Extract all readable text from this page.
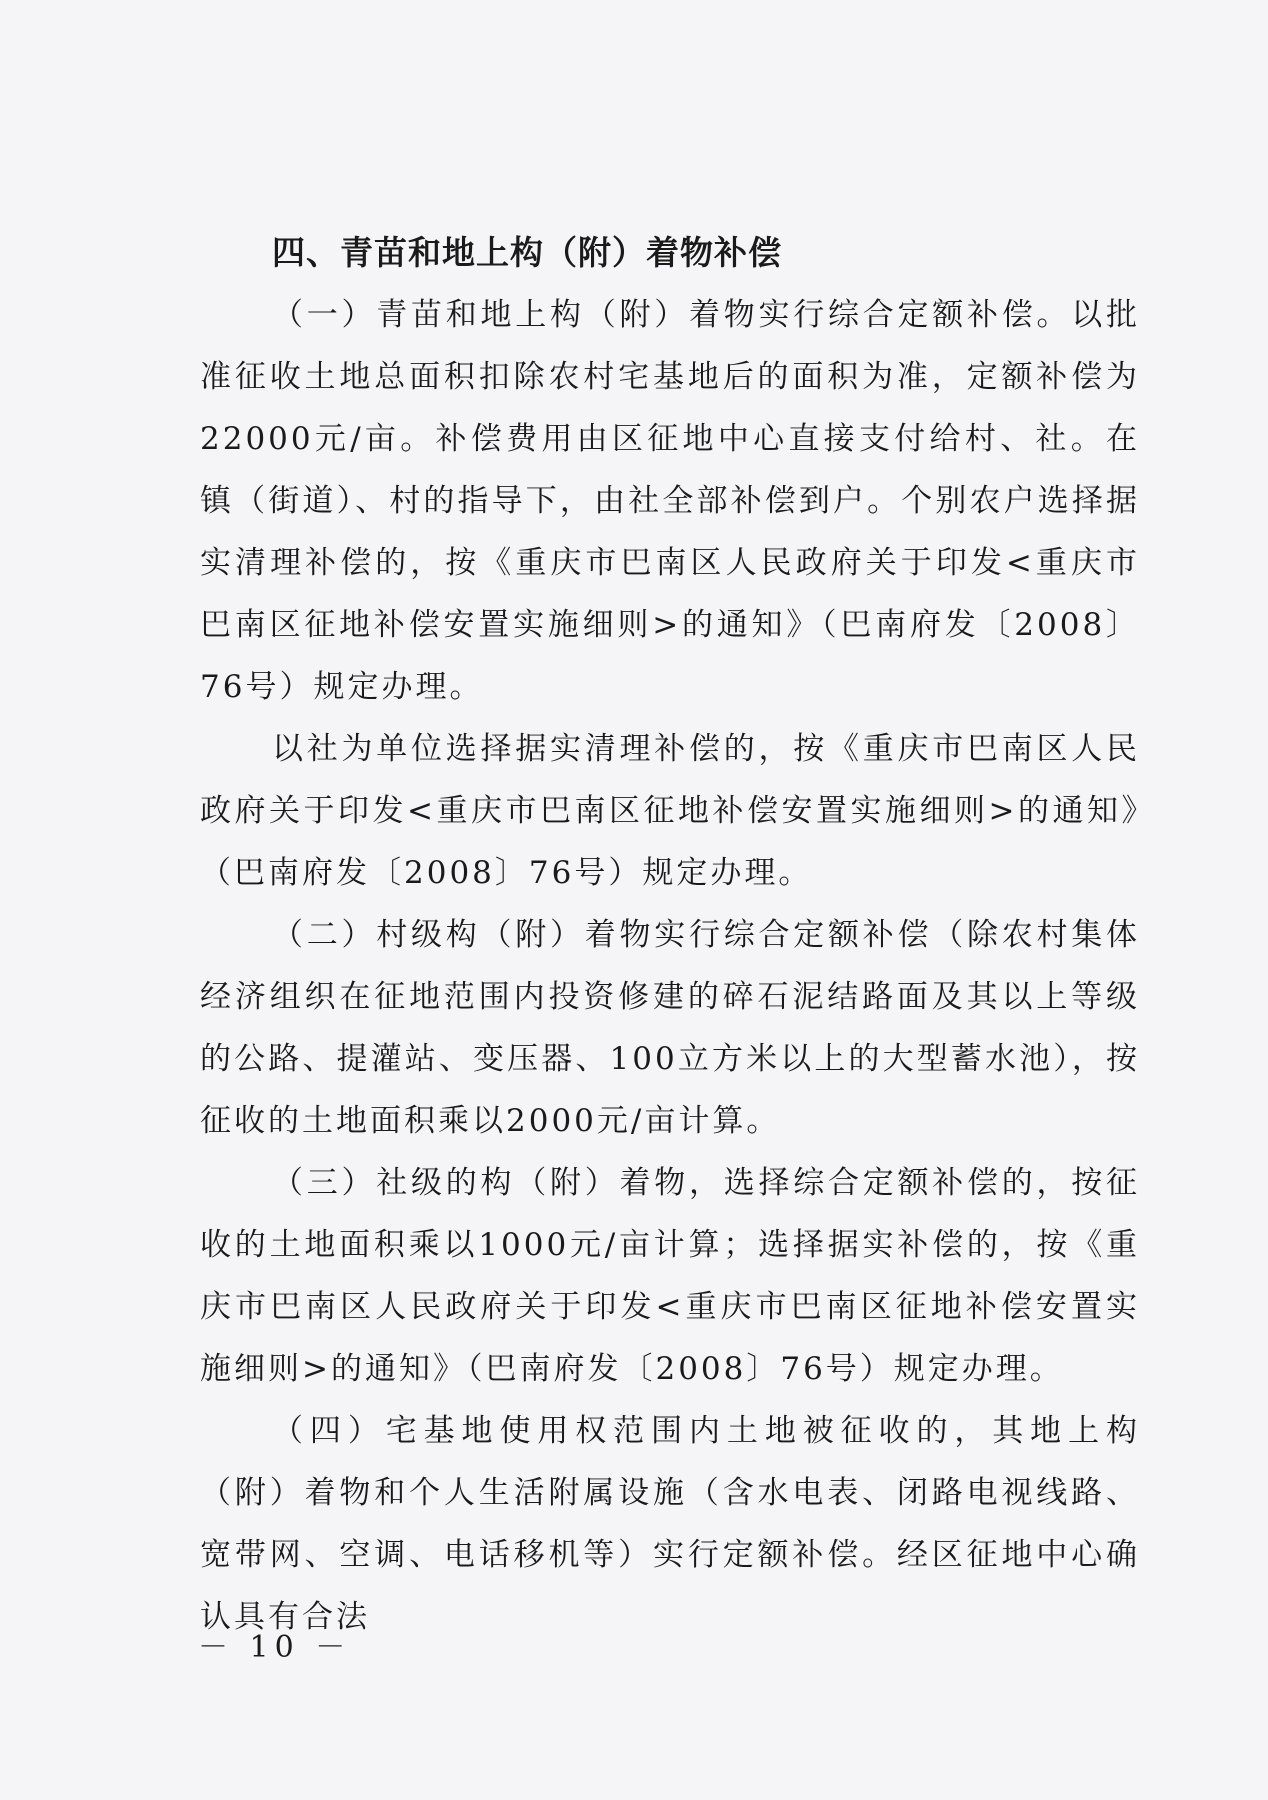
四、青苗和地上构（附）着物补偿

（一）青苗和地上构（附）着物实行综合定额补偿。以批准征收土地总面积扣除农村宅基地后的面积为准，定额补偿为22000元/亩。补偿费用由区征地中心直接支付给村、社。在镇（街道）、村的指导下，由社全部补偿到户。个别农户选择据实清理补偿的，按《重庆市巴南区人民政府关于印发<重庆市巴南区征地补偿安置实施细则>的通知》（巴南府发〔2008〕76号）规定办理。

以社为单位选择据实清理补偿的，按《重庆市巴南区人民政府关于印发<重庆市巴南区征地补偿安置实施细则>的通知》（巴南府发〔2008〕76号）规定办理。

（二）村级构（附）着物实行综合定额补偿（除农村集体经济组织在征地范围内投资修建的碎石泥结路面及其以上等级的公路、提灌站、变压器、100立方米以上的大型蓄水池），按征收的土地面积乘以2000元/亩计算。

（三）社级的构（附）着物，选择综合定额补偿的，按征收的土地面积乘以1000元/亩计算；选择据实补偿的，按《重庆市巴南区人民政府关于印发<重庆市巴南区征地补偿安置实施细则>的通知》（巴南府发〔2008〕76号）规定办理。

（四）宅基地使用权范围内土地被征收的，其地上构（附）着物和个人生活附属设施（含水电表、闭路电视线路、宽带网、空调、电话移机等）实行定额补偿。经区征地中心确认具有合法

－ 10 －
